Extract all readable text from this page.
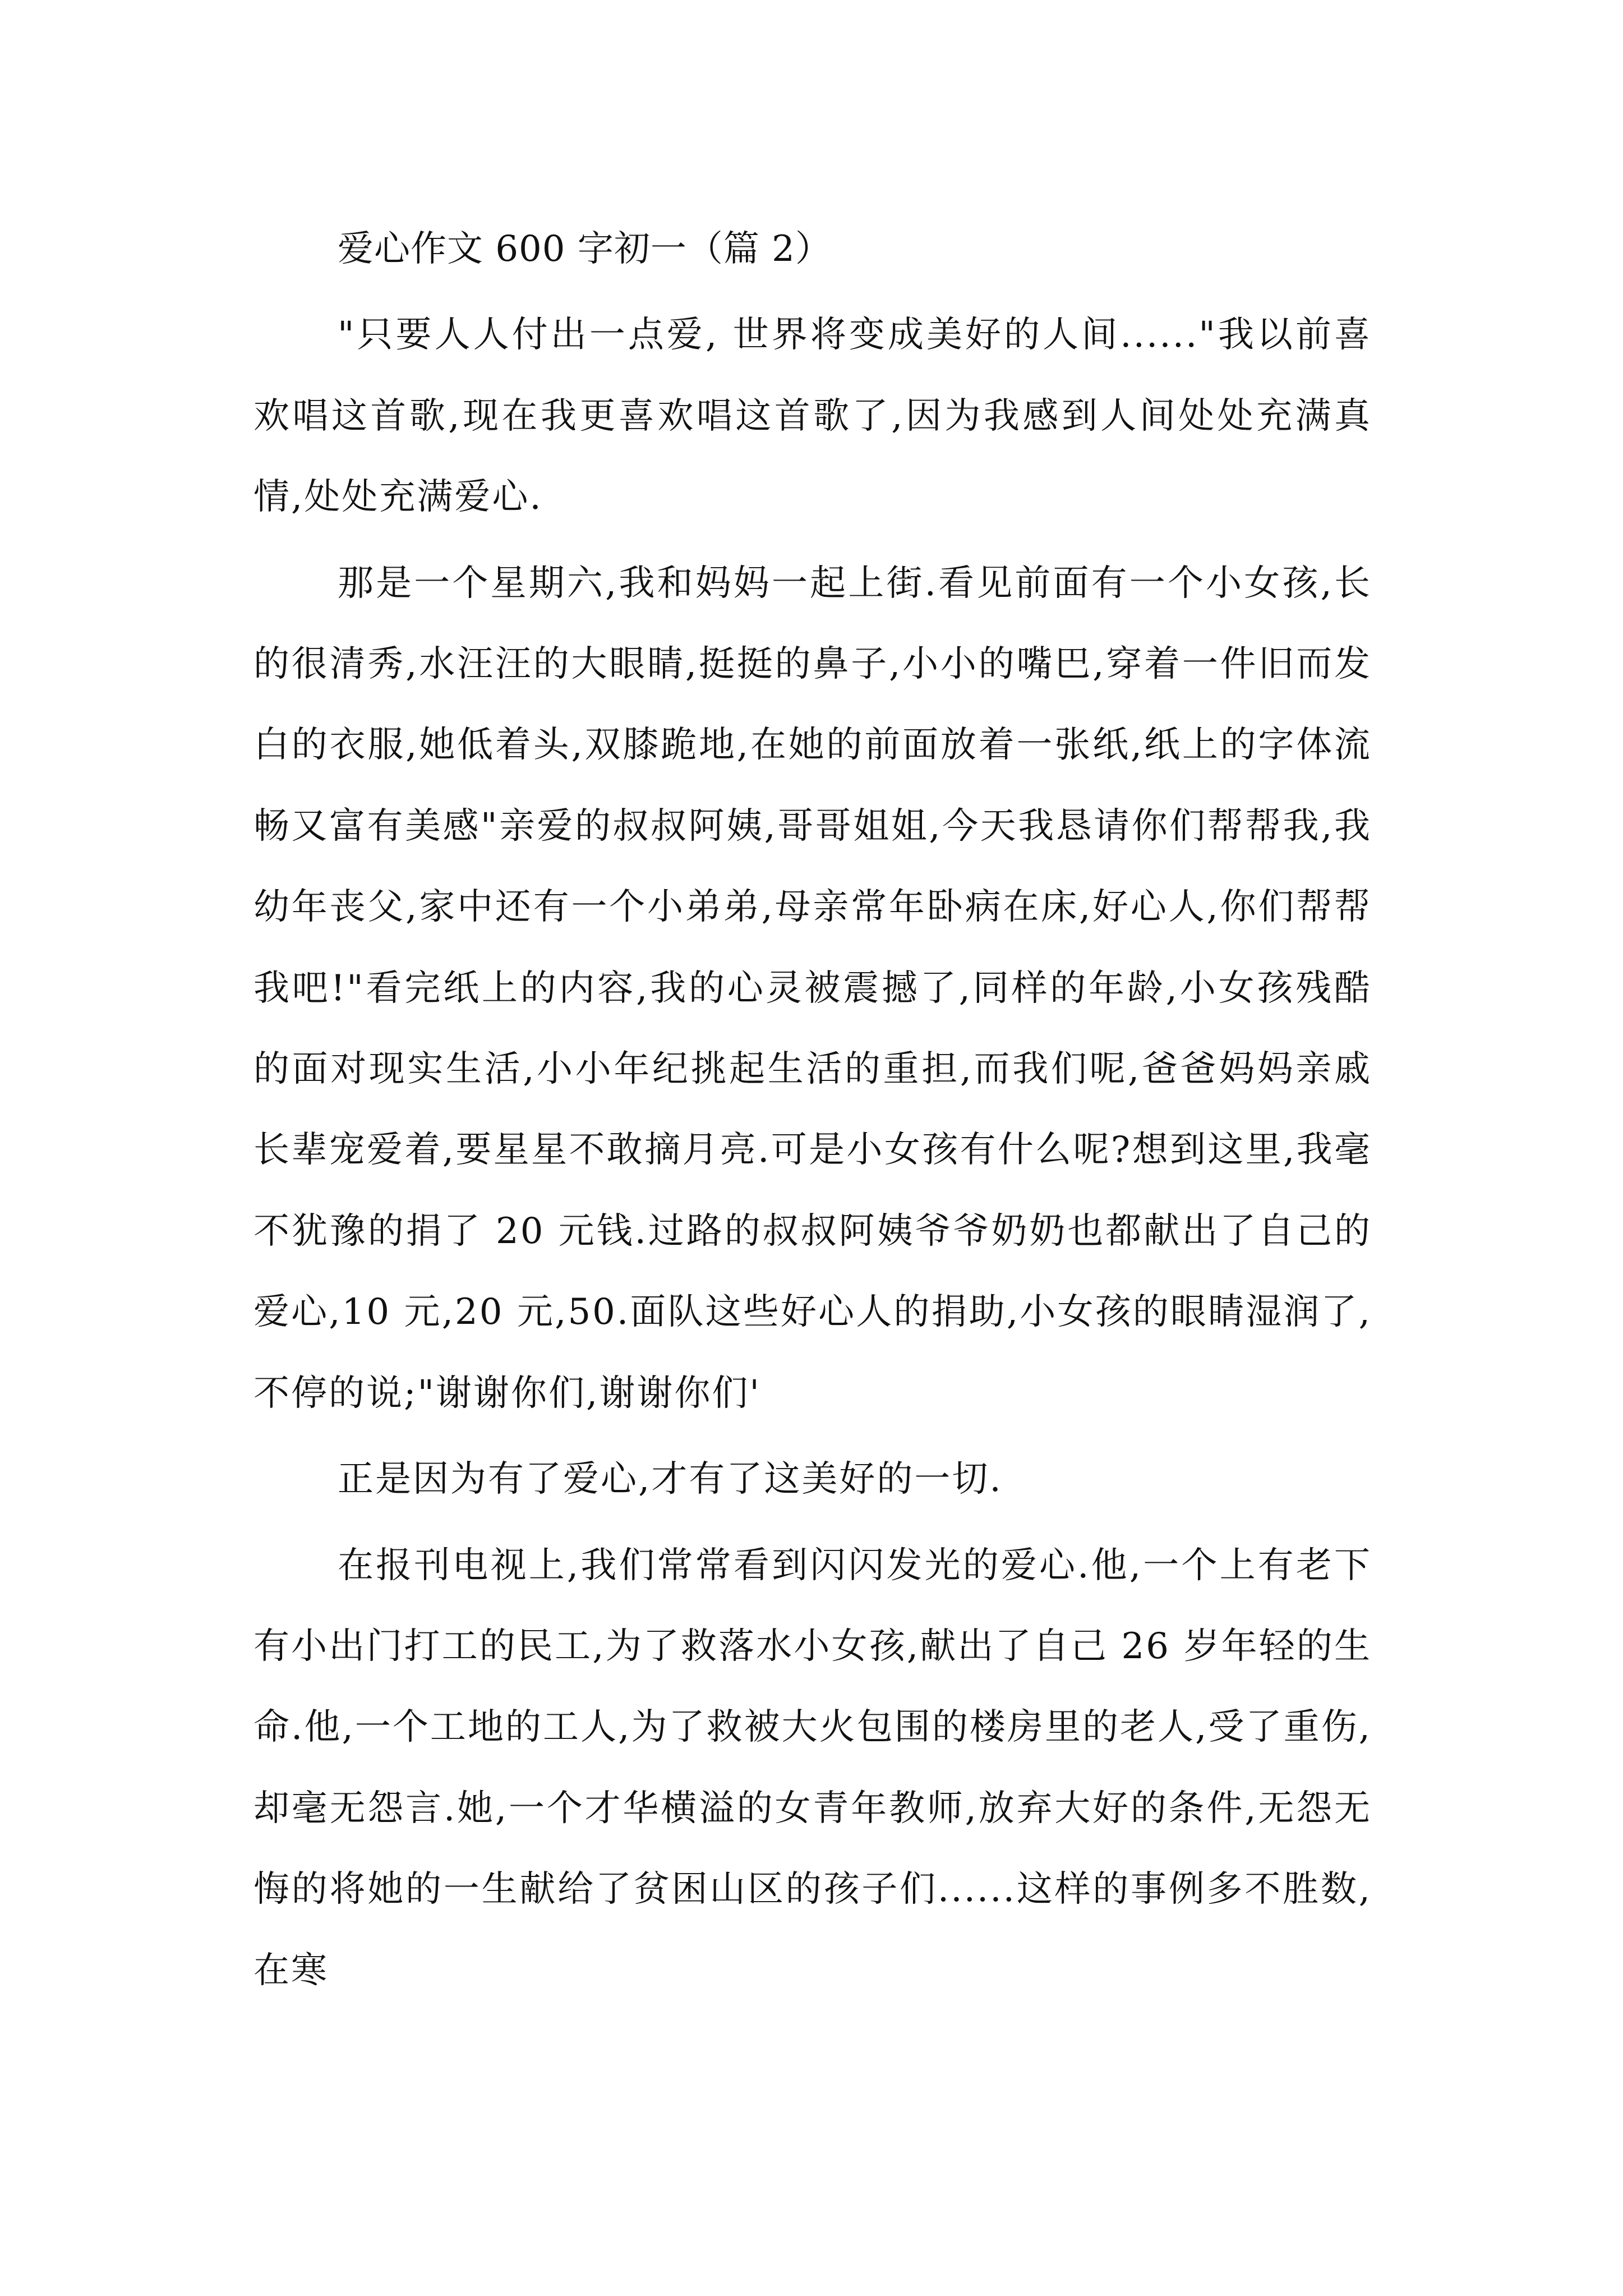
爱心作文 600 字初一（篇 2）

"只要人人付出一点爱, 世界将变成美好的人间......"我以前喜欢唱这首歌,现在我更喜欢唱这首歌了,因为我感到人间处处充满真情,处处充满爱心.

那是一个星期六,我和妈妈一起上街.看见前面有一个小女孩,长的很清秀,水汪汪的大眼睛,挺挺的鼻子,小小的嘴巴,穿着一件旧而发白的衣服,她低着头,双膝跪地,在她的前面放着一张纸,纸上的字体流畅又富有美感"亲爱的叔叔阿姨,哥哥姐姐,今天我恳请你们帮帮我,我幼年丧父,家中还有一个小弟弟,母亲常年卧病在床,好心人,你们帮帮我吧!"看完纸上的内容,我的心灵被震撼了,同样的年龄,小女孩残酷的面对现实生活,小小年纪挑起生活的重担,而我们呢,爸爸妈妈亲戚长辈宠爱着,要星星不敢摘月亮.可是小女孩有什么呢?想到这里,我毫不犹豫的捐了 20 元钱.过路的叔叔阿姨爷爷奶奶也都献出了自己的爱心,10 元,20 元,50.面队这些好心人的捐助,小女孩的眼睛湿润了,不停的说;"谢谢你们,谢谢你们'

正是因为有了爱心,才有了这美好的一切.

在报刊电视上,我们常常看到闪闪发光的爱心.他,一个上有老下有小出门打工的民工,为了救落水小女孩,献出了自己 26 岁年轻的生命.他,一个工地的工人,为了救被大火包围的楼房里的老人,受了重伤,却毫无怨言.她,一个才华横溢的女青年教师,放弃大好的条件,无怨无悔的将她的一生献给了贫困山区的孩子们......这样的事例多不胜数,在寒
